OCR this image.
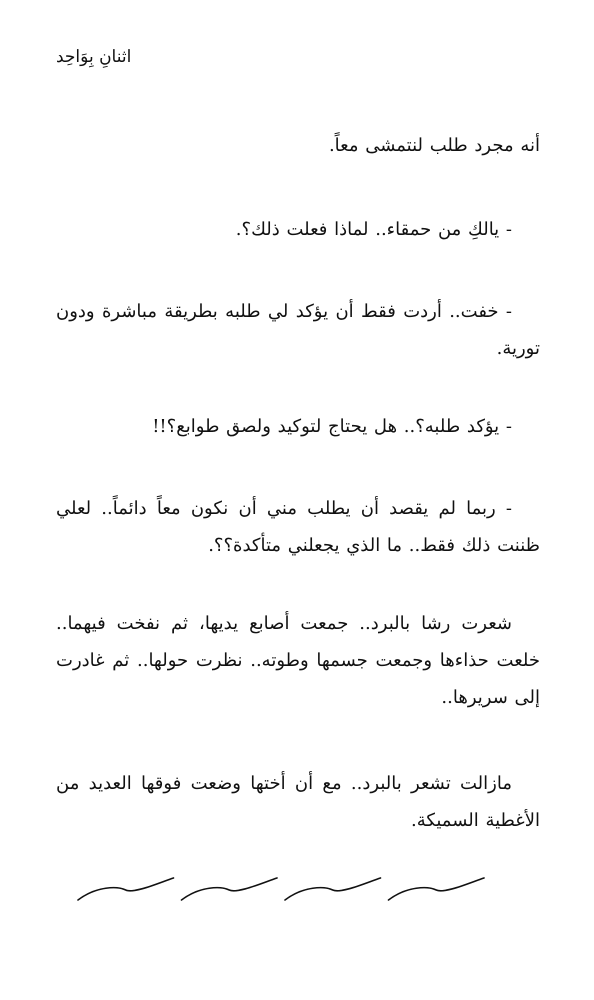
اثنانِ بِوَاحِد

أنه مجرد طلب لنتمشى معاً.

- يالكِ من حمقاء.. لماذا فعلت ذلك؟.

- خفت.. أردت فقط أن يؤكد لي طلبه بطريقة مباشرة ودون تورية.

- يؤكد طلبه؟.. هل يحتاج لتوكيد ولصق طوابع؟!!

- ربما لم يقصد أن يطلب مني أن نكون معاً دائماً.. لعلي ظننت ذلك فقط.. ما الذي يجعلني متأكدة؟؟.

شعرت رشا بالبرد.. جمعت أصابع يديها، ثم نفخت فيهما.. خلعت حذاءها وجمعت جسمها وطوته.. نظرت حولها.. ثم غادرت إلى سريرها..

مازالت تشعر بالبرد.. مع أن أختها وضعت فوقها العديد من الأغطية السميكة.
